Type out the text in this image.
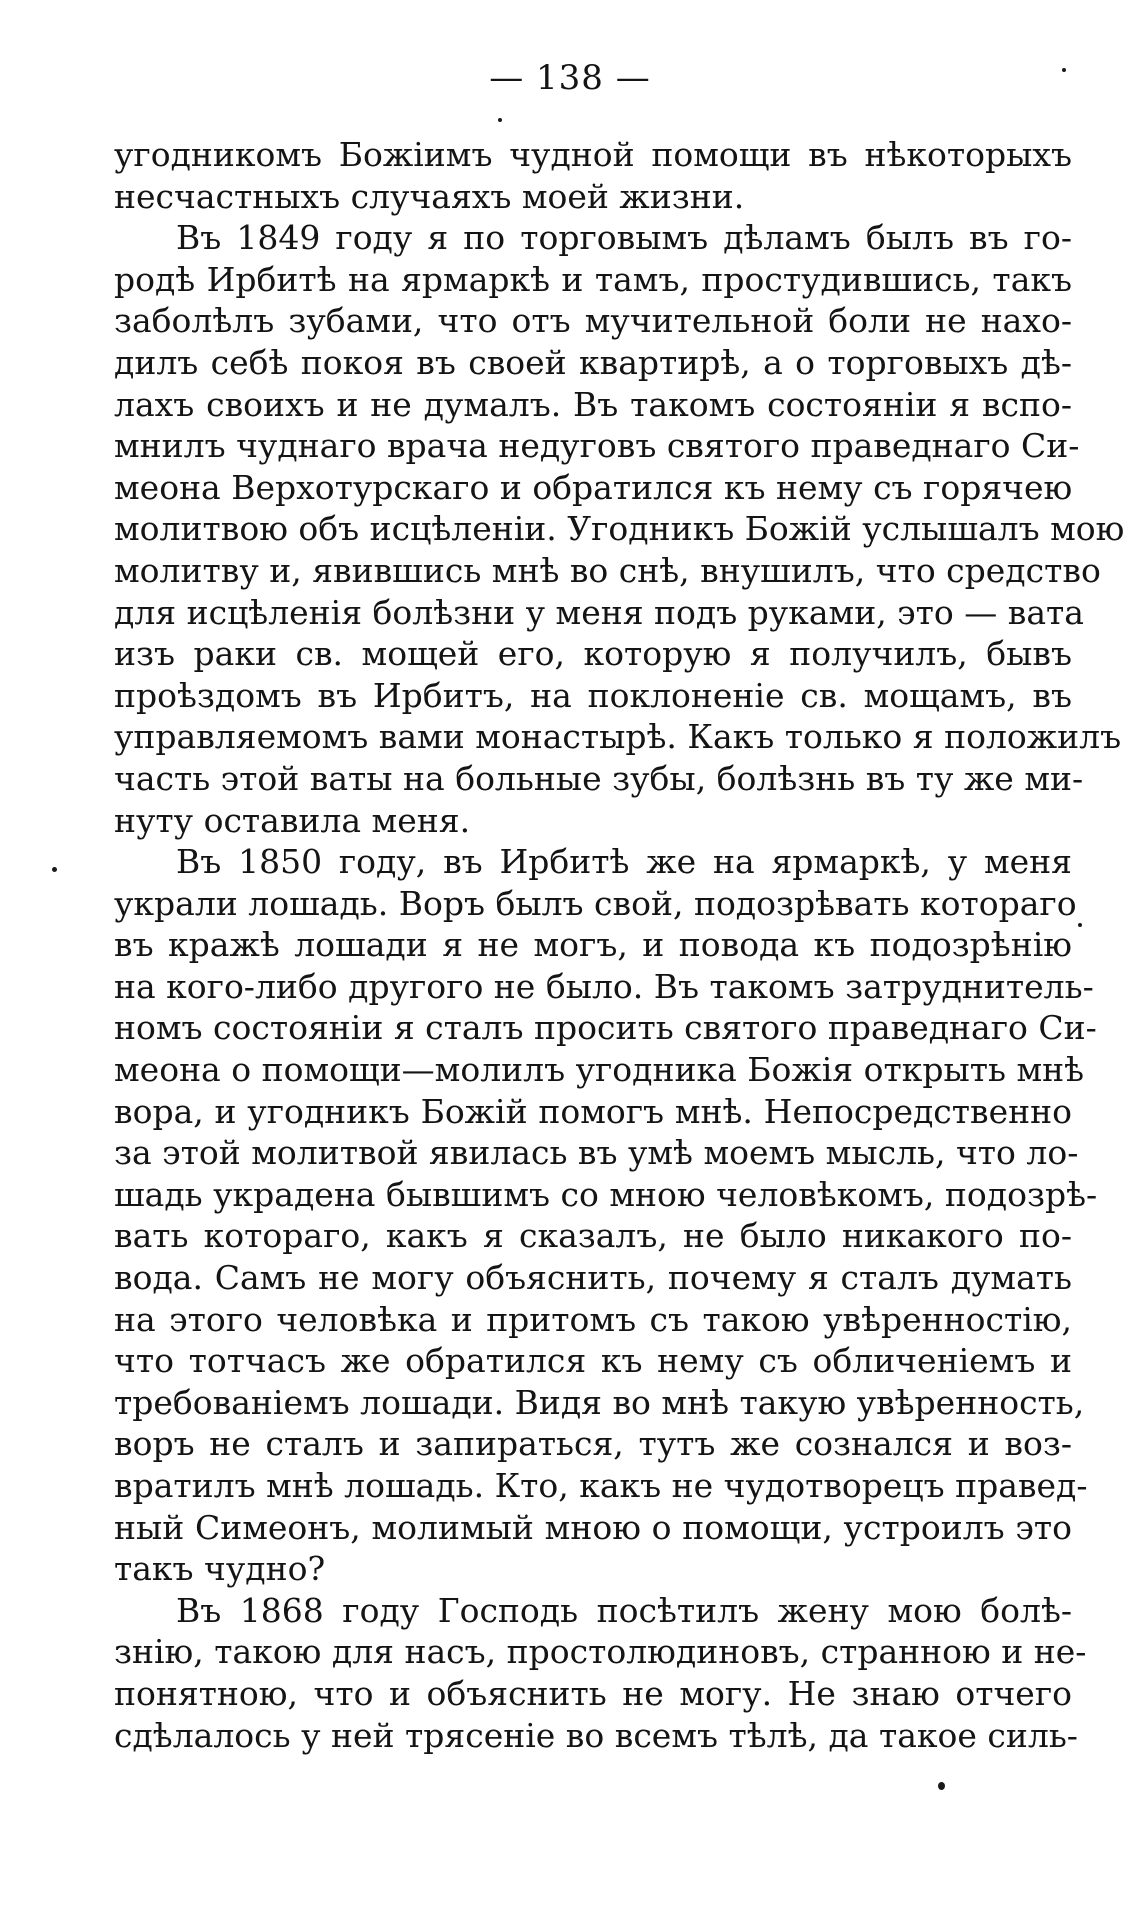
— 138 —
угодникомъ Божіимъ чудной помощи въ нѣкоторыхъ
несчастныхъ случаяхъ моей жизни.
Въ 1849 году я по торговымъ дѣламъ былъ въ го-
родѣ Ирбитѣ на ярмаркѣ и тамъ, простудившись, такъ
заболѣлъ зубами, что отъ мучительной боли не нахо-
дилъ себѣ покоя въ своей квартирѣ, а о торговыхъ дѣ-
лахъ своихъ и не думалъ. Въ такомъ состояніи я вспо-
мнилъ чуднаго врача недуговъ святого праведнаго Си-
меона Верхотурскаго и обратился къ нему съ горячею
молитвою объ исцѣленіи. Угодникъ Божій услышалъ мою
молитву и, явившись мнѣ во снѣ, внушилъ, что средство
для исцѣленія болѣзни у меня подъ руками, это — вата
изъ раки св. мощей его, которую я получилъ, бывъ
проѣздомъ въ Ирбитъ, на поклоненіе св. мощамъ, въ
управляемомъ вами монастырѣ. Какъ только я положилъ
часть этой ваты на больные зубы, болѣзнь въ ту же ми-
нуту оставила меня.
Въ 1850 году, въ Ирбитѣ же на ярмаркѣ, у меня
украли лошадь. Воръ былъ свой, подозрѣвать котораго
въ кражѣ лошади я не могъ, и повода къ подозрѣнію
на кого-либо другого не было. Въ такомъ затруднитель-
номъ состояніи я сталъ просить святого праведнаго Си-
меона о помощи—молилъ угодника Божія открыть мнѣ
вора, и угодникъ Божій помогъ мнѣ. Непосредственно
за этой молитвой явилась въ умѣ моемъ мысль, что ло-
шадь украдена бывшимъ со мною человѣкомъ, подозрѣ-
вать котораго, какъ я сказалъ, не было никакого по-
вода. Самъ не могу объяснить, почему я сталъ думать
на этого человѣка и притомъ съ такою увѣренностію,
что тотчасъ же обратился къ нему съ обличеніемъ и
требованіемъ лошади. Видя во мнѣ такую увѣренность,
воръ не сталъ и запираться, тутъ же сознался и воз-
вратилъ мнѣ лошадь. Кто, какъ не чудотворецъ правед-
ный Симеонъ, молимый мною о помощи, устроилъ это
такъ чудно?
Въ 1868 году Господь посѣтилъ жену мою болѣ-
знію, такою для насъ, простолюдиновъ, странною и не-
понятною, что и объяснить не могу. Не знаю отчего
сдѣлалось у ней трясеніе во всемъ тѣлѣ, да такое силь-
